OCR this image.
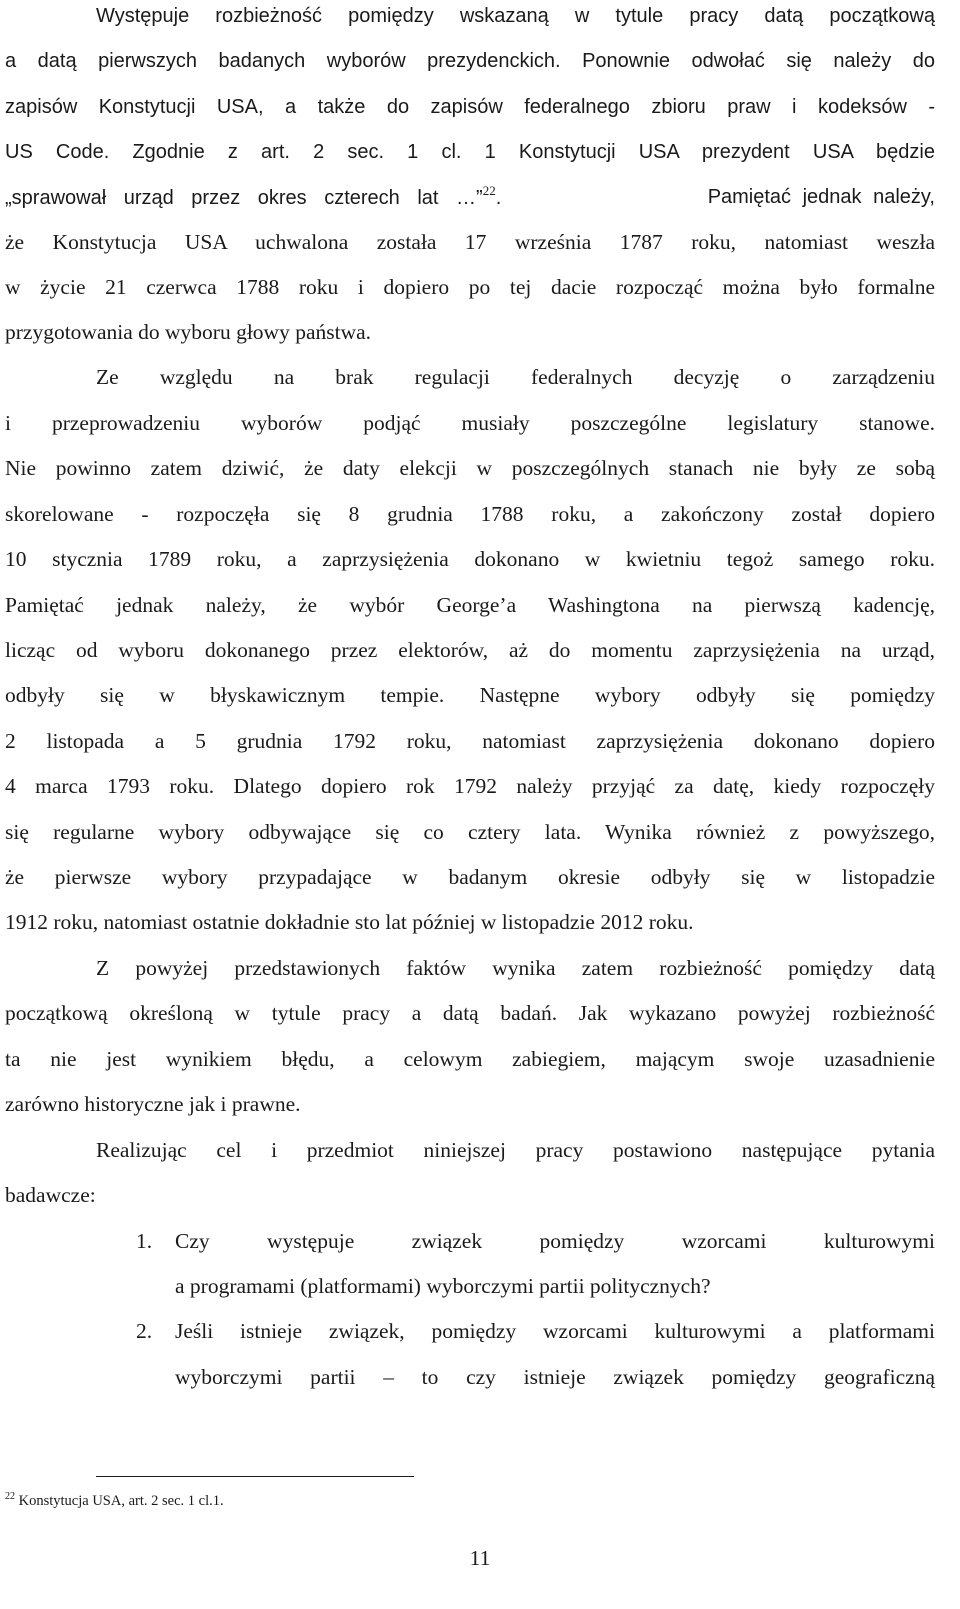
Występuje rozbieżność pomiędzy wskazaną w tytule pracy datą początkową
a datą pierwszych badanych wyborów prezydenckich. Ponownie odwołać się należy do
zapisów Konstytucji USA, a także do zapisów federalnego zbioru praw i kodeksów -
US Code. Zgodnie z art. 2 sec. 1 cl. 1 Konstytucji USA prezydent USA będzie
„sprawował urząd przez okres czterech lat …”$^{22}$.	Pamiętać jednak należy,
że Konstytucja USA uchwalona została 17 września 1787 roku, natomiast weszła
w życie 21 czerwca 1788 roku i dopiero po tej dacie rozpocząć można było formalne
przygotowania do wyboru głowy państwa.
Ze względu na brak regulacji federalnych decyzję o zarządzeniu
i przeprowadzeniu wyborów podjąć musiały poszczególne legislatury stanowe.
Nie powinno zatem dziwić, że daty elekcji w poszczególnych stanach nie były ze sobą
skorelowane - rozpoczęła się 8 grudnia 1788 roku, a zakończony został dopiero
10 stycznia 1789 roku, a zaprzysiężenia dokonano w kwietniu tegoż samego roku.
Pamiętać jednak należy, że wybór George’a Washingtona na pierwszą kadencję,
licząc od wyboru dokonanego przez elektorów, aż do momentu zaprzysiężenia na urząd,
odbyły się w błyskawicznym tempie. Następne wybory odbyły się pomiędzy
2 listopada a 5 grudnia 1792 roku, natomiast zaprzysiężenia dokonano dopiero
4 marca 1793 roku. Dlatego dopiero rok 1792 należy przyjąć za datę, kiedy rozpoczęły
się regularne wybory odbywające się co cztery lata. Wynika również z powyższego,
że pierwsze wybory przypadające w badanym okresie odbyły się w listopadzie
1912 roku, natomiast ostatnie dokładnie sto lat później w listopadzie 2012 roku.
Z powyżej przedstawionych faktów wynika zatem rozbieżność pomiędzy datą
początkową określoną w tytule pracy a datą badań. Jak wykazano powyżej rozbieżność
ta nie jest wynikiem błędu, a celowym zabiegiem, mającym swoje uzasadnienie
zarówno historyczne jak i prawne.
Realizując cel i przedmiot niniejszej pracy postawiono następujące pytania
badawcze:
1. Czy występuje związek pomiędzy wzorcami kulturowymi
a programami (platformami) wyborczymi partii politycznych?
2. Jeśli istnieje związek, pomiędzy wzorcami kulturowymi a platformami
wyborczymi partii – to czy istnieje związek pomiędzy geograficzną
$^{22}$ Konstytucja USA, art. 2 sec. 1 cl.1.
11
